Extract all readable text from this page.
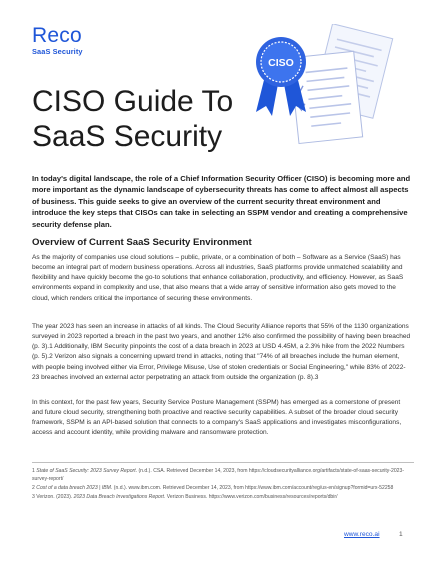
Reco
SaaS Security
CISO
CISO Guide To
SaaS Security

In today's digital landscape, the role of a Chief Information Security Officer (CISO) is becoming more and more important as the dynamic landscape of cybersecurity threats has come to affect almost all aspects of business. This guide seeks to give an overview of the current security threat environment and introduce the key steps that CISOs can take in selecting an SSPM vendor and creating a comprehensive security defense plan.

Overview of Current SaaS Security Environment

As the majority of companies use cloud solutions – public, private, or a combination of both – Software as a Service (SaaS) has become an integral part of modern business operations. Across all industries, SaaS platforms provide unmatched scalability and flexibility and have quickly become the go-to solutions that enhance collaboration, productivity, and efficiency. However, as SaaS environments expand in complexity and use, that also means that a wide array of sensitive information also gets moved to the cloud, which renders critical the importance of securing these environments.

The year 2023 has seen an increase in attacks of all kinds. The Cloud Security Alliance reports that 55% of the 1130 organizations surveyed in 2023 reported a breach in the past two years, and another 12% also confirmed the possibility of having been breached (p. 3).1 Additionally, IBM Security pinpoints the cost of a data breach in 2023 at USD 4.45M, a 2.3% hike from the 2022 Numbers (p. 5).2 Verizon also signals a concerning upward trend in attacks, noting that "74% of all breaches include the human element, with people being involved either via Error, Privilege Misuse, Use of stolen credentials or Social Engineering," while 83% of 2022-23 breaches involved an external actor perpetrating an attack from outside the organization (p. 8).3

In this context, for the past few years, Security Service Posture Management (SSPM) has emerged as a cornerstone of present and future cloud security, strengthening both proactive and reactive security capabilities. A subset of the broader cloud security framework, SSPM is an API-based solution that connects to a company's SaaS applications and investigates misconfigurations, access and account identity, while providing malware and ransomware protection.

1 State of SaaS Security: 2023 Survey Report. (n.d.). CSA. Retrieved December 14, 2023, from https://cloudsecurityalliance.org/artifacts/state-of-saas-security-2023-survey-report/
2 Cost of a data breach 2023 | IBM. (n.d.). www.ibm.com. Retrieved December 14, 2023, from https://www.ibm.com/account/reg/us-en/signup?formid=urx-52258
3 Verizon. (2023). 2023 Data Breach Investigations Report. Verizon Business. https://www.verizon.com/business/resources/reports/dbir/
www.reco.ai	1
